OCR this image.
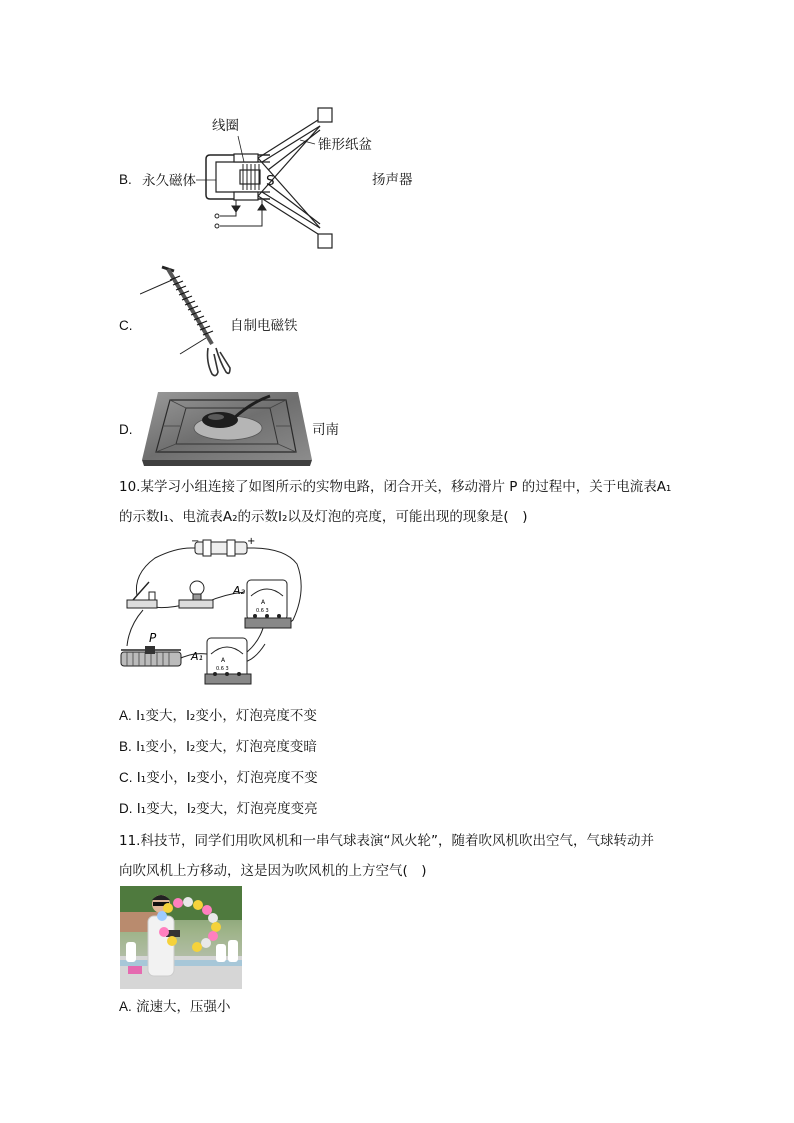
B.
线圈
永久磁体	S
锥形纸盆
扬声器
C.	自制电磁铁
D.	司南
10.某学习小组连接了如图所示的实物电路，闭合开关，移动滑片 P 的过程中，关于电流表A₁
的示数I₁、电流表A₂的示数I₂以及灯泡的亮度，可能出现的现象是(　)
−	+
A
0.6 3
A₂
P
A
0.6 3
A₁
A. I₁变大，I₂变小，灯泡亮度不变
B. I₁变小，I₂变大，灯泡亮度变暗
C. I₁变小，I₂变小，灯泡亮度不变
D. I₁变大，I₂变大，灯泡亮度变亮
11.科技节，同学们用吹风机和一串气球表演“风火轮”，随着吹风机吹出空气，气球转动并
向吹风机上方移动，这是因为吹风机的上方空气(　)
A. 流速大，压强小
